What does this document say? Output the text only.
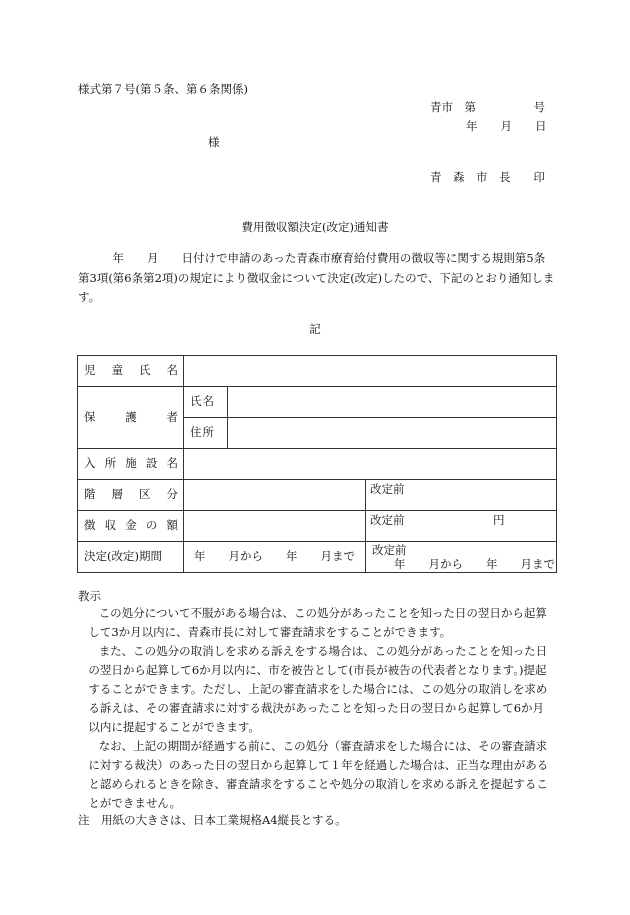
様式第７号(第５条、第６条関係)
青市　第　　　　　号
年　　月　　日
様
青　森　市　長　　印
費用徴収額決定(改定)通知書
　　　年　　月　　日付けで申請のあった青森市療育給付費用の徴収等に関する規則第5条第3項(第6条第2項)の規定により徴収金について決定(改定)したので、下記のとおり通知します。
記
児 童 氏 名			

保 護 者	氏 名		

	住 所		

入 所 施 設 名			

階 層 区 分			改定前

徴 収 金 の 額			改定前 円

決定(改定)期間	年　　月から　　年　　月まで		改定前
年　　月から　　年　　月まで
教示

この処分について不服がある場合は、この処分があったことを知った日の翌日から起算して3か月以内に、青森市長に対して審査請求をすることができます。

また、この処分の取消しを求める訴えをする場合は、この処分があったことを知った日の翌日から起算して6か月以内に、市を被告として(市長が被告の代表者となります。)提起することができます。ただし、上記の審査請求をした場合には、この処分の取消しを求める訴えは、その審査請求に対する裁決があったことを知った日の翌日から起算して6か月以内に提起することができます。

なお、上記の期間が経過する前に、この処分（審査請求をした場合には、その審査請求に対する裁決）のあった日の翌日から起算して１年を経過した場合は、正当な理由があると認められるときを除き、審査請求をすることや処分の取消しを求める訴えを提起することができません。

注　用紙の大きさは、日本工業規格A4縦長とする。
